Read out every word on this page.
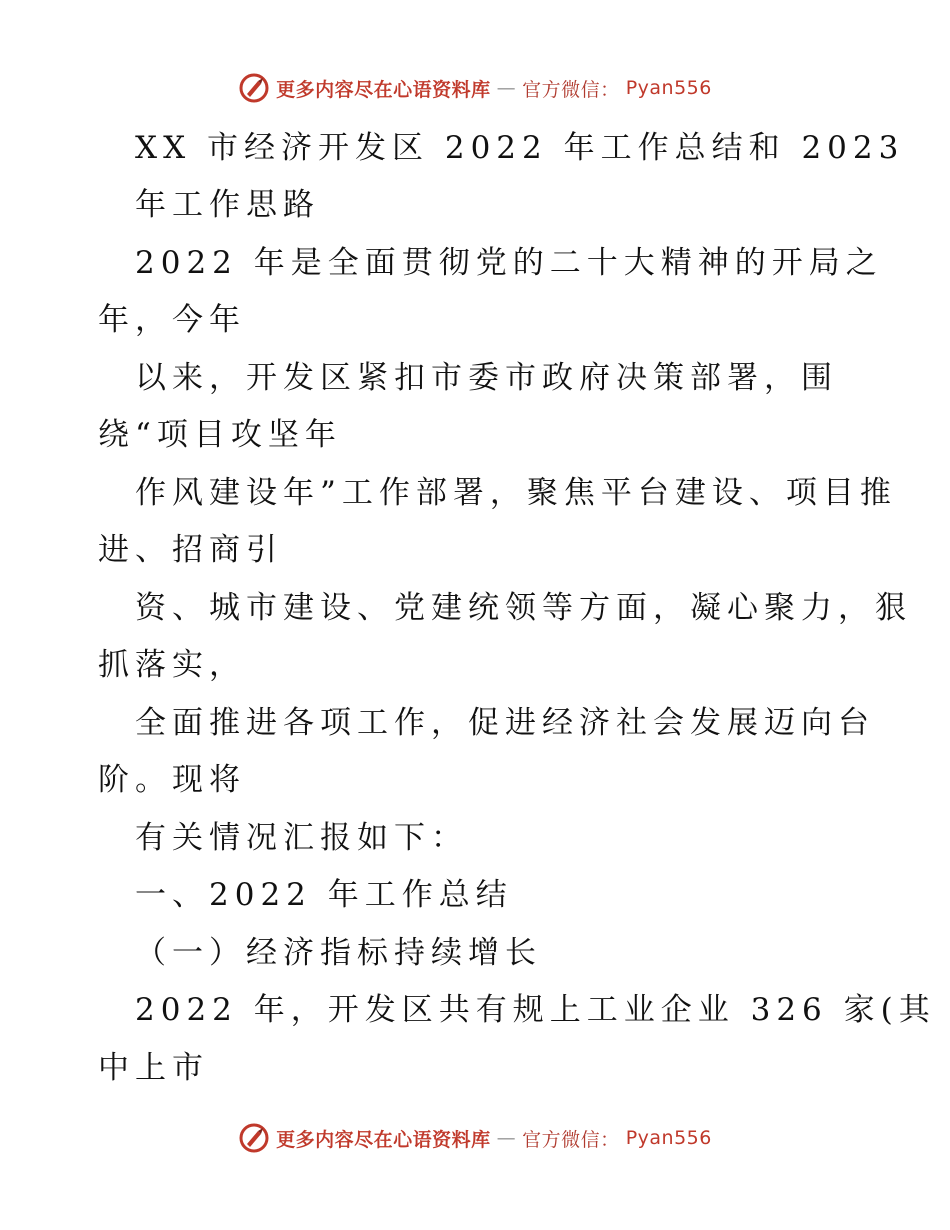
更多内容尽在心语资料库 — 官方微信： Pyan556
XX 市经济开发区 2022 年工作总结和 2023
年工作思路
2022 年是全面贯彻党的二十大精神的开局之
年，今年
以来，开发区紧扣市委市政府决策部署，围
绕“项目攻坚年
作风建设年”工作部署，聚焦平台建设、项目推
进、招商引
资、城市建设、党建统领等方面，凝心聚力，狠
抓落实，
全面推进各项工作，促进经济社会发展迈向台
阶。现将
有关情况汇报如下：
一、2022 年工作总结
（一）经济指标持续增长
2022 年，开发区共有规上工业企业 326 家(其
中上市
更多内容尽在心语资料库 — 官方微信： Pyan556
